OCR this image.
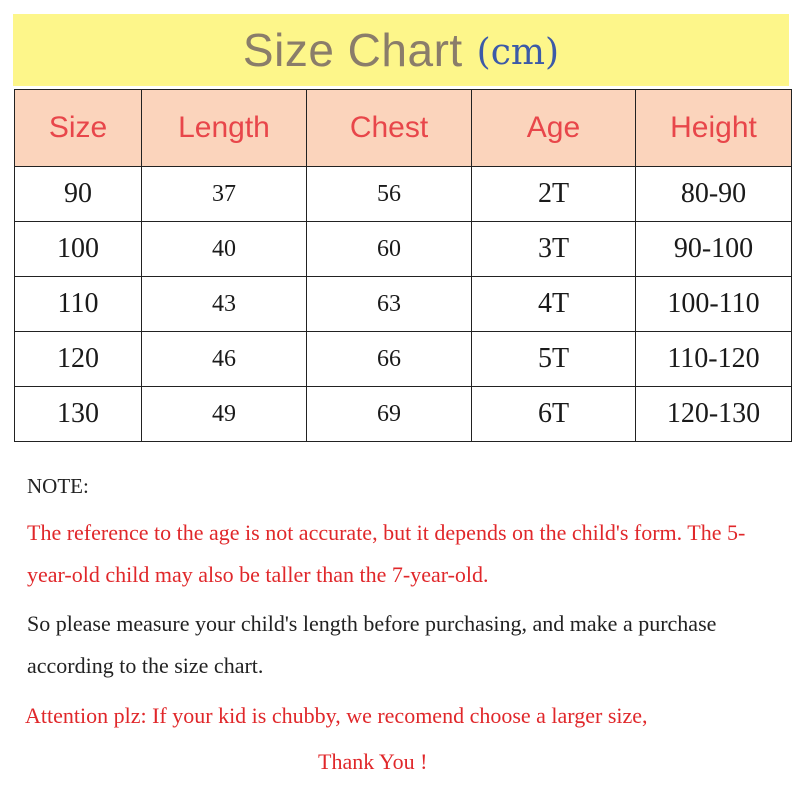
Size Chart (cm)
Size	Length	Chest	Age	Height
90	37	56	2T	80-90
100	40	60	3T	90-100
110	43	63	4T	100-110
120	46	66	5T	110-120
130	49	69	6T	120-130
NOTE:
The reference to the age is not accurate, but it depends on the child's form. The 5-year-old child may also be taller than the 7-year-old.
So please measure your child's length before purchasing, and make a purchase according to the size chart.
Attention plz: If your kid is chubby, we recomend choose a larger size,
Thank You !
